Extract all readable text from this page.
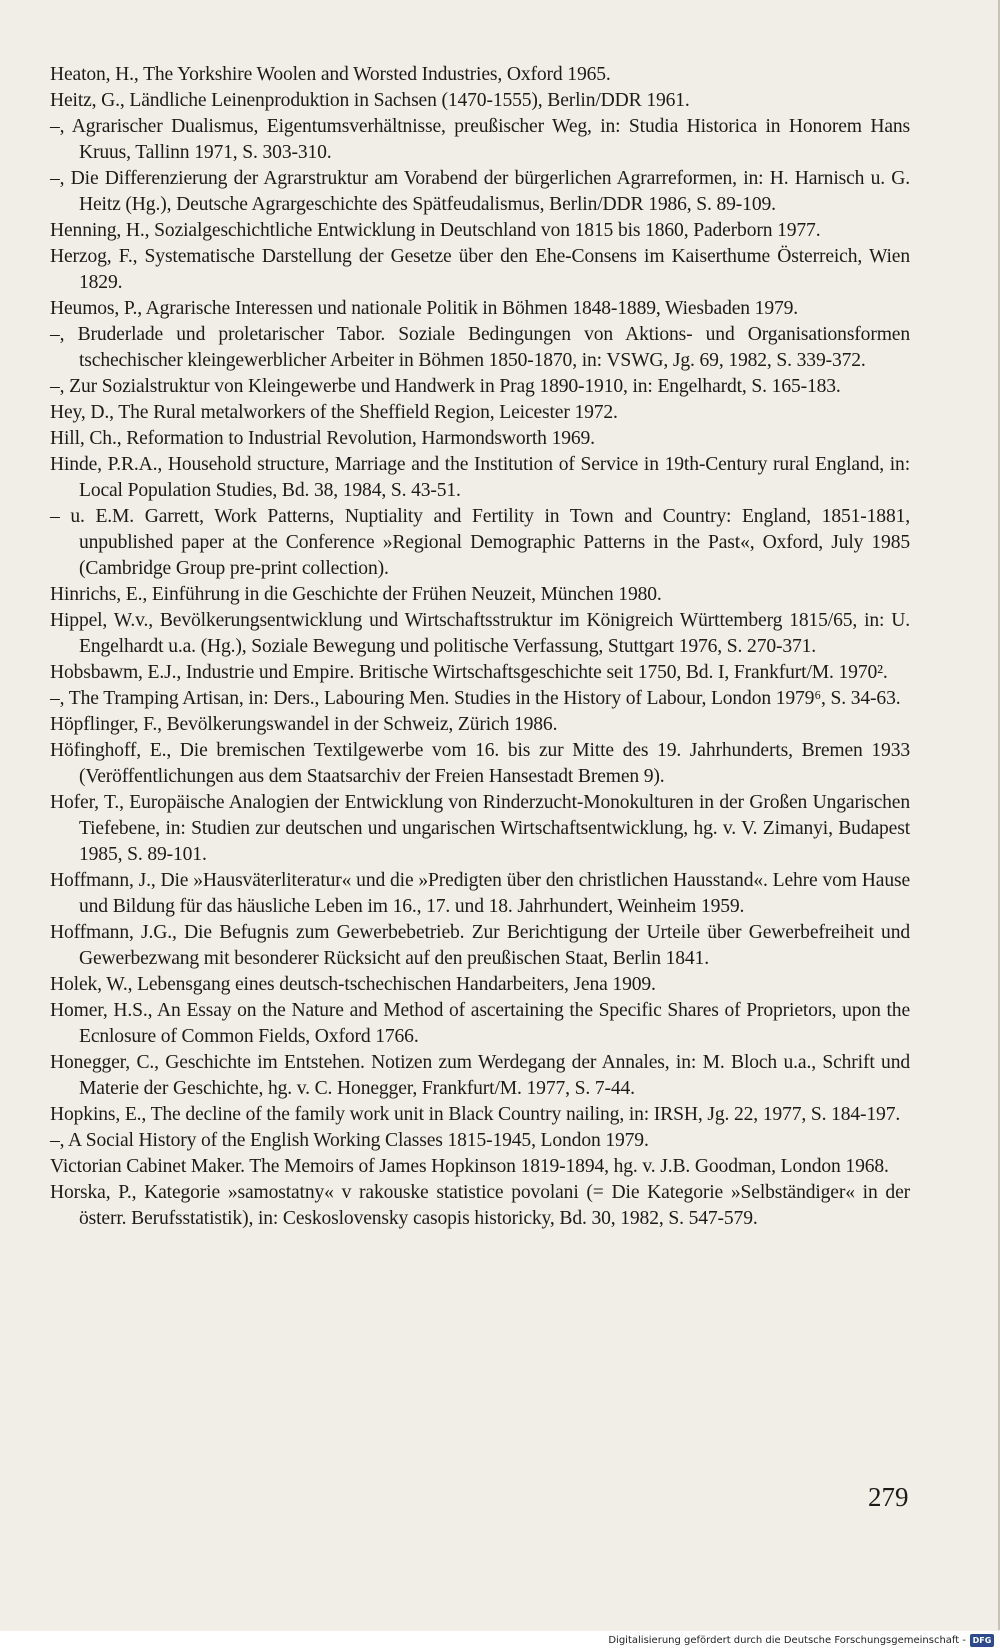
Heaton, H., The Yorkshire Woolen and Worsted Industries, Oxford 1965.
Heitz, G., Ländliche Leinenproduktion in Sachsen (1470-1555), Berlin/DDR 1961.
–, Agrarischer Dualismus, Eigentumsverhältnisse, preußischer Weg, in: Studia Historica in Honorem Hans Kruus, Tallinn 1971, S. 303-310.
–, Die Differenzierung der Agrarstruktur am Vorabend der bürgerlichen Agrarreformen, in: H. Harnisch u. G. Heitz (Hg.), Deutsche Agrargeschichte des Spätfeudalismus, Berlin/DDR 1986, S. 89-109.
Henning, H., Sozialgeschichtliche Entwicklung in Deutschland von 1815 bis 1860, Paderborn 1977.
Herzog, F., Systematische Darstellung der Gesetze über den Ehe-Consens im Kaiserthume Österreich, Wien 1829.
Heumos, P., Agrarische Interessen und nationale Politik in Böhmen 1848-1889, Wiesbaden 1979.
–, Bruderlade und proletarischer Tabor. Soziale Bedingungen von Aktions- und Organisationsformen tschechischer kleingewerblicher Arbeiter in Böhmen 1850-1870, in: VSWG, Jg. 69, 1982, S. 339-372.
–, Zur Sozialstruktur von Kleingewerbe und Handwerk in Prag 1890-1910, in: Engelhardt, S. 165-183.
Hey, D., The Rural metalworkers of the Sheffield Region, Leicester 1972.
Hill, Ch., Reformation to Industrial Revolution, Harmondsworth 1969.
Hinde, P.R.A., Household structure, Marriage and the Institution of Service in 19th-Century rural England, in: Local Population Studies, Bd. 38, 1984, S. 43-51.
– u. E.M. Garrett, Work Patterns, Nuptiality and Fertility in Town and Country: England, 1851-1881, unpublished paper at the Conference »Regional Demographic Patterns in the Past«, Oxford, July 1985 (Cambridge Group pre-print collection).
Hinrichs, E., Einführung in die Geschichte der Frühen Neuzeit, München 1980.
Hippel, W.v., Bevölkerungsentwicklung und Wirtschaftsstruktur im Königreich Württemberg 1815/65, in: U. Engelhardt u.a. (Hg.), Soziale Bewegung und politische Verfassung, Stuttgart 1976, S. 270-371.
Hobsbawm, E.J., Industrie und Empire. Britische Wirtschaftsgeschichte seit 1750, Bd. I, Frankfurt/M. 1970².
–, The Tramping Artisan, in: Ders., Labouring Men. Studies in the History of Labour, London 1979⁶, S. 34-63.
Höpflinger, F., Bevölkerungswandel in der Schweiz, Zürich 1986.
Höfinghoff, E., Die bremischen Textilgewerbe vom 16. bis zur Mitte des 19. Jahrhunderts, Bremen 1933 (Veröffentlichungen aus dem Staatsarchiv der Freien Hansestadt Bremen 9).
Hofer, T., Europäische Analogien der Entwicklung von Rinderzucht-Monokulturen in der Großen Ungarischen Tiefebene, in: Studien zur deutschen und ungarischen Wirtschaftsentwicklung, hg. v. V. Zimanyi, Budapest 1985, S. 89-101.
Hoffmann, J., Die »Hausväterliteratur« und die »Predigten über den christlichen Hausstand«. Lehre vom Hause und Bildung für das häusliche Leben im 16., 17. und 18. Jahrhundert, Weinheim 1959.
Hoffmann, J.G., Die Befugnis zum Gewerbebetrieb. Zur Berichtigung der Urteile über Gewerbefreiheit und Gewerbezwang mit besonderer Rücksicht auf den preußischen Staat, Berlin 1841.
Holek, W., Lebensgang eines deutsch-tschechischen Handarbeiters, Jena 1909.
Homer, H.S., An Essay on the Nature and Method of ascertaining the Specific Shares of Proprietors, upon the Ecnlosure of Common Fields, Oxford 1766.
Honegger, C., Geschichte im Entstehen. Notizen zum Werdegang der Annales, in: M. Bloch u.a., Schrift und Materie der Geschichte, hg. v. C. Honegger, Frankfurt/M. 1977, S. 7-44.
Hopkins, E., The decline of the family work unit in Black Country nailing, in: IRSH, Jg. 22, 1977, S. 184-197.
–, A Social History of the English Working Classes 1815-1945, London 1979.
Victorian Cabinet Maker. The Memoirs of James Hopkinson 1819-1894, hg. v. J.B. Goodman, London 1968.
Horska, P., Kategorie »samostatny« v rakouske statistice povolani (= Die Kategorie »Selbständiger« in der österr. Berufsstatistik), in: Ceskoslovensky casopis historicky, Bd. 30, 1982, S. 547-579.
279
Digitalisierung gefördert durch die Deutsche Forschungsgemeinschaft - DFG
